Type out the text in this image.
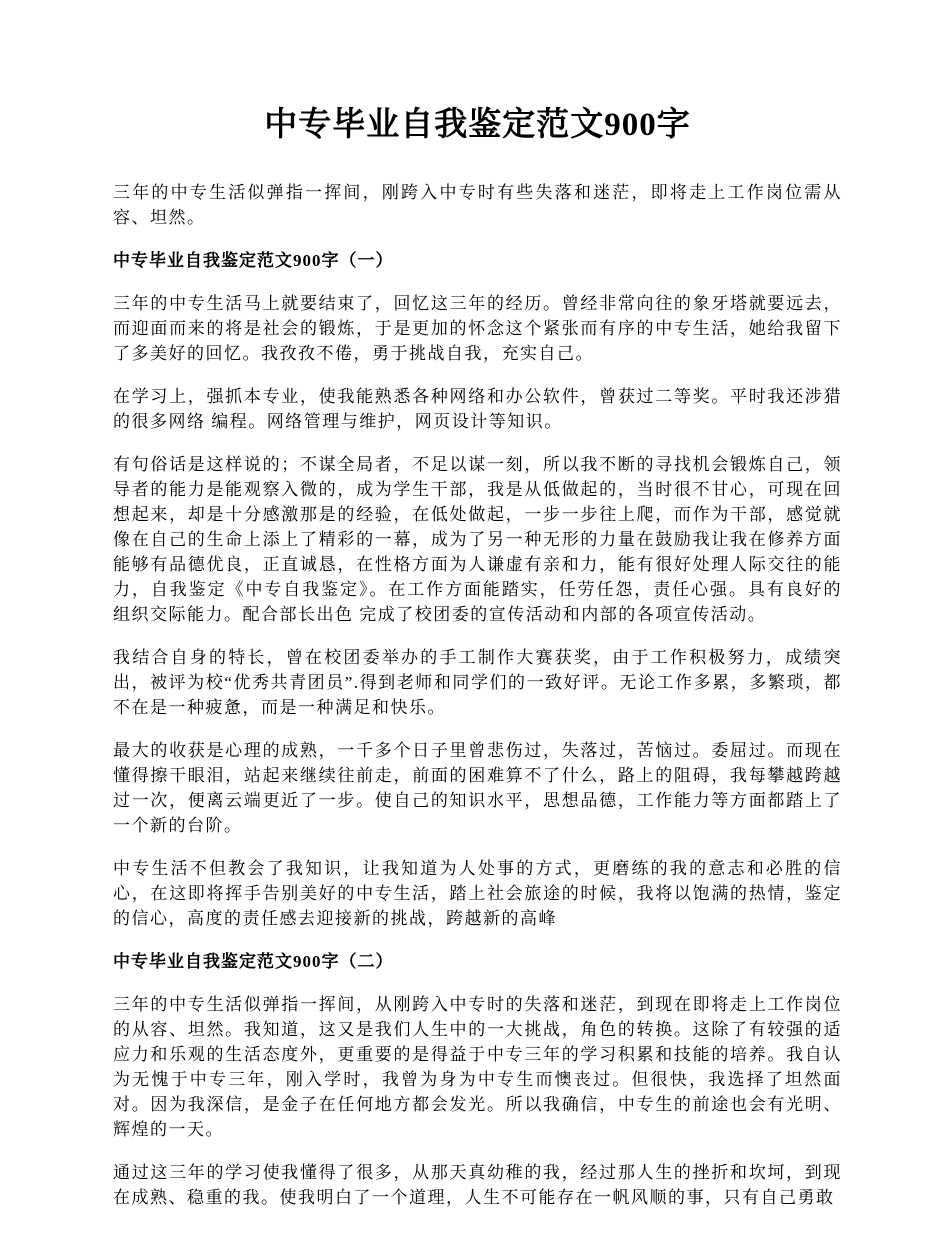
中专毕业自我鉴定范文900字

三年的中专生活似弹指一挥间，刚跨入中专时有些失落和迷茫，即将走上工作岗位需从容、坦然。

中专毕业自我鉴定范文900字（一）

三年的中专生活马上就要结束了，回忆这三年的经历。曾经非常向往的象牙塔就要远去，而迎面而来的将是社会的锻炼，于是更加的怀念这个紧张而有序的中专生活，她给我留下了多美好的回忆。我孜孜不倦，勇于挑战自我，充实自己。

在学习上，强抓本专业，使我能熟悉各种网络和办公软件，曾获过二等奖。平时我还涉猎的很多网络 编程。网络管理与维护，网页设计等知识。

有句俗话是这样说的；不谋全局者，不足以谋一刻，所以我不断的寻找机会锻炼自己，领导者的能力是能观察入微的，成为学生干部，我是从低做起的，当时很不甘心，可现在回想起来，却是十分感激那是的经验，在低处做起，一步一步往上爬，而作为干部，感觉就像在自己的生命上添上了精彩的一幕，成为了另一种无形的力量在鼓励我让我在修养方面能够有品德优良，正直诚恳，在性格方面为人谦虚有亲和力，能有很好处理人际交往的能力，自我鉴定《中专自我鉴定》。在工作方面能踏实，任劳任怨，责任心强。具有良好的组织交际能力。配合部长出色 完成了校团委的宣传活动和内部的各项宣传活动。

我结合自身的特长，曾在校团委举办的手工制作大赛获奖，由于工作积极努力，成绩突出，被评为校“优秀共青团员”.得到老师和同学们的一致好评。无论工作多累，多繁琐，都不在是一种疲惫，而是一种满足和快乐。

最大的收获是心理的成熟，一千多个日子里曾悲伤过，失落过，苦恼过。委屈过。而现在懂得擦干眼泪，站起来继续往前走，前面的困难算不了什么，路上的阻碍，我每攀越跨越过一次，便离云端更近了一步。使自己的知识水平，思想品德，工作能力等方面都踏上了一个新的台阶。

中专生活不但教会了我知识，让我知道为人处事的方式，更磨练的我的意志和必胜的信心，在这即将挥手告别美好的中专生活，踏上社会旅途的时候，我将以饱满的热情，鉴定的信心，高度的责任感去迎接新的挑战，跨越新的高峰

中专毕业自我鉴定范文900字（二）

三年的中专生活似弹指一挥间，从刚跨入中专时的失落和迷茫，到现在即将走上工作岗位的从容、坦然。我知道，这又是我们人生中的一大挑战，角色的转换。这除了有较强的适应力和乐观的生活态度外，更重要的是得益于中专三年的学习积累和技能的培养。我自认为无愧于中专三年，刚入学时，我曾为身为中专生而懊丧过。但很快，我选择了坦然面对。因为我深信，是金子在任何地方都会发光。所以我确信，中专生的前途也会有光明、辉煌的一天。

通过这三年的学习使我懂得了很多，从那天真幼稚的我，经过那人生的挫折和坎坷，到现在成熟、稳重的我。使我明白了一个道理，人生不可能存在一帆风顺的事，只有自己勇敢
